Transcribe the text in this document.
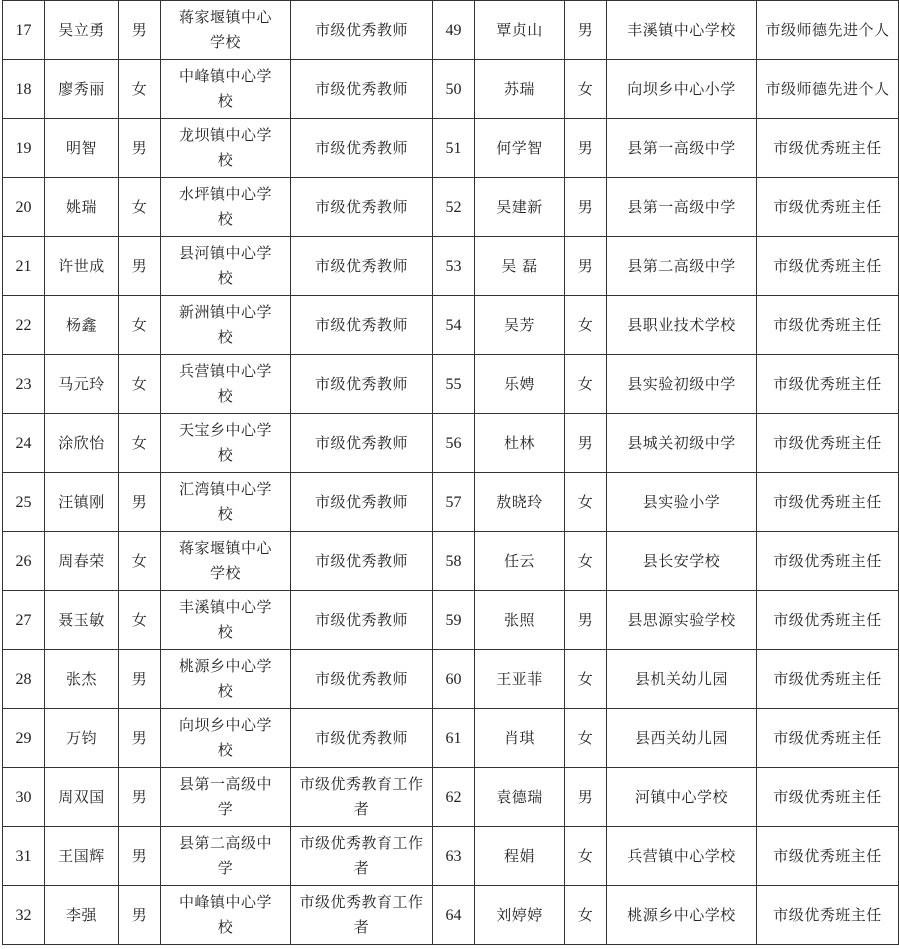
17	吴立勇	男	蒋家堰镇中心学校	市级优秀教师	49	覃贞山	男	丰溪镇中心学校	市级师德先进个人
18	廖秀丽	女	中峰镇中心学校	市级优秀教师	50	苏瑞	女	向坝乡中心小学	市级师德先进个人
19	明智	男	龙坝镇中心学校	市级优秀教师	51	何学智	男	县第一高级中学	市级优秀班主任
20	姚瑞	女	水坪镇中心学校	市级优秀教师	52	吴建新	男	县第一高级中学	市级优秀班主任
21	许世成	男	县河镇中心学校	市级优秀教师	53	吴 磊	男	县第二高级中学	市级优秀班主任
22	杨鑫	女	新洲镇中心学校	市级优秀教师	54	吴芳	女	县职业技术学校	市级优秀班主任
23	马元玲	女	兵营镇中心学校	市级优秀教师	55	乐娉	女	县实验初级中学	市级优秀班主任
24	涂欣怡	女	天宝乡中心学校	市级优秀教师	56	杜林	男	县城关初级中学	市级优秀班主任
25	汪镇刚	男	汇湾镇中心学校	市级优秀教师	57	敖晓玲	女	县实验小学	市级优秀班主任
26	周春荣	女	蒋家堰镇中心学校	市级优秀教师	58	任云	女	县长安学校	市级优秀班主任
27	聂玉敏	女	丰溪镇中心学校	市级优秀教师	59	张照	男	县思源实验学校	市级优秀班主任
28	张杰	男	桃源乡中心学校	市级优秀教师	60	王亚菲	女	县机关幼儿园	市级优秀班主任
29	万钧	男	向坝乡中心学校	市级优秀教师	61	肖琪	女	县西关幼儿园	市级优秀班主任
30	周双国	男	县第一高级中学	市级优秀教育工作者	62	袁德瑞	男	河镇中心学校	市级优秀班主任
31	王国辉	男	县第二高级中学	市级优秀教育工作者	63	程娟	女	兵营镇中心学校	市级优秀班主任
32	李强	男	中峰镇中心学校	市级优秀教育工作者	64	刘婷婷	女	桃源乡中心学校	市级优秀班主任
